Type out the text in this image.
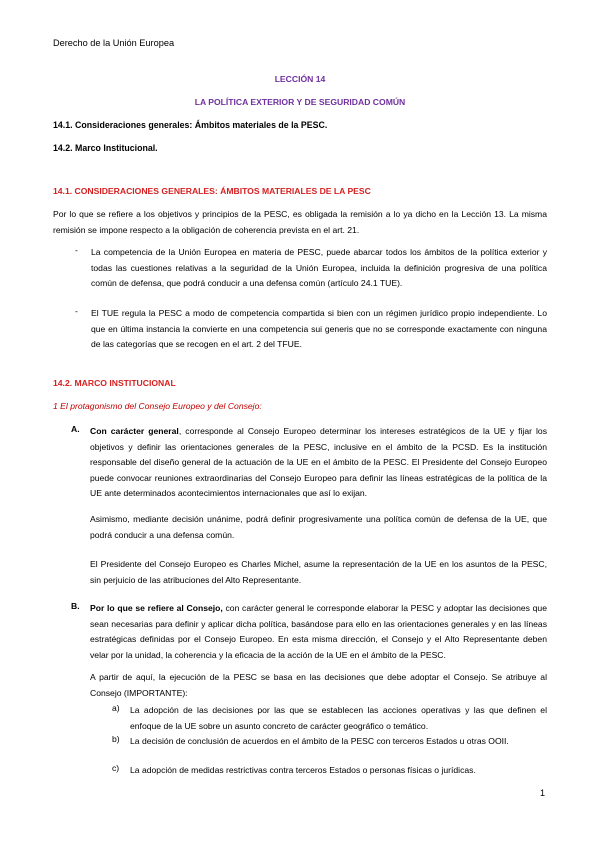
Derecho de la Unión Europea
LECCIÓN 14
LA POLÍTICA EXTERIOR Y DE SEGURIDAD COMÚN
14.1. Consideraciones generales: Ámbitos materiales de la PESC.
14.2. Marco Institucional.
14.1. CONSIDERACIONES GENERALES: ÁMBITOS MATERIALES DE LA PESC

Por lo que se refiere a los objetivos y principios de la PESC, es obligada la remisión a lo ya dicho en la Lección 13. La misma remisión se impone respecto a la obligación de coherencia prevista en el art. 21.

- La competencia de la Unión Europea en materia de PESC, puede abarcar todos los ámbitos de la política exterior y todas las cuestiones relativas a la seguridad de la Unión Europea, incluida la definición progresiva de una política común de defensa, que podrá conducir a una defensa común (artículo 24.1 TUE).

- El TUE regula la PESC a modo de competencia compartida si bien con un régimen jurídico propio independiente. Lo que en última instancia la convierte en una competencia sui generis que no se corresponde exactamente con ninguna de las categorías que se recogen en el art. 2 del TFUE.

14.2. MARCO INSTITUCIONAL
1 El protagonismo del Consejo Europeo y del Consejo:
A. Con carácter general, corresponde al Consejo Europeo determinar los intereses estratégicos de la UE y fijar los objetivos y definir las orientaciones generales de la PESC, inclusive en el ámbito de la PCSD. Es la institución responsable del diseño general de la actuación de la UE en el ámbito de la PESC. El Presidente del Consejo Europeo puede convocar reuniones extraordinarias del Consejo Europeo para definir las líneas estratégicas de la política de la UE ante determinados acontecimientos internacionales que así lo exijan.

Asimismo, mediante decisión unánime, podrá definir progresivamente una política común de defensa de la UE, que podrá conducir a una defensa común.

El Presidente del Consejo Europeo es Charles Michel, asume la representación de la UE en los asuntos de la PESC, sin perjuicio de las atribuciones del Alto Representante.

B. Por lo que se refiere al Consejo, con carácter general le corresponde elaborar la PESC y adoptar las decisiones que sean necesarias para definir y aplicar dicha política, basándose para ello en las orientaciones generales y en las líneas estratégicas definidas por el Consejo Europeo. En esta misma dirección, el Consejo y el Alto Representante deben velar por la unidad, la coherencia y la eficacia de la acción de la UE en el ámbito de la PESC.

A partir de aquí, la ejecución de la PESC se basa en las decisiones que debe adoptar el Consejo. Se atribuye al Consejo (IMPORTANTE):

a) La adopción de las decisiones por las que se establecen las acciones operativas y las que definen el enfoque de la UE sobre un asunto concreto de carácter geográfico o temático.

b) La decisión de conclusión de acuerdos en el ámbito de la PESC con terceros Estados u otras OOII.

c) La adopción de medidas restrictivas contra terceros Estados o personas físicas o jurídicas.

1
